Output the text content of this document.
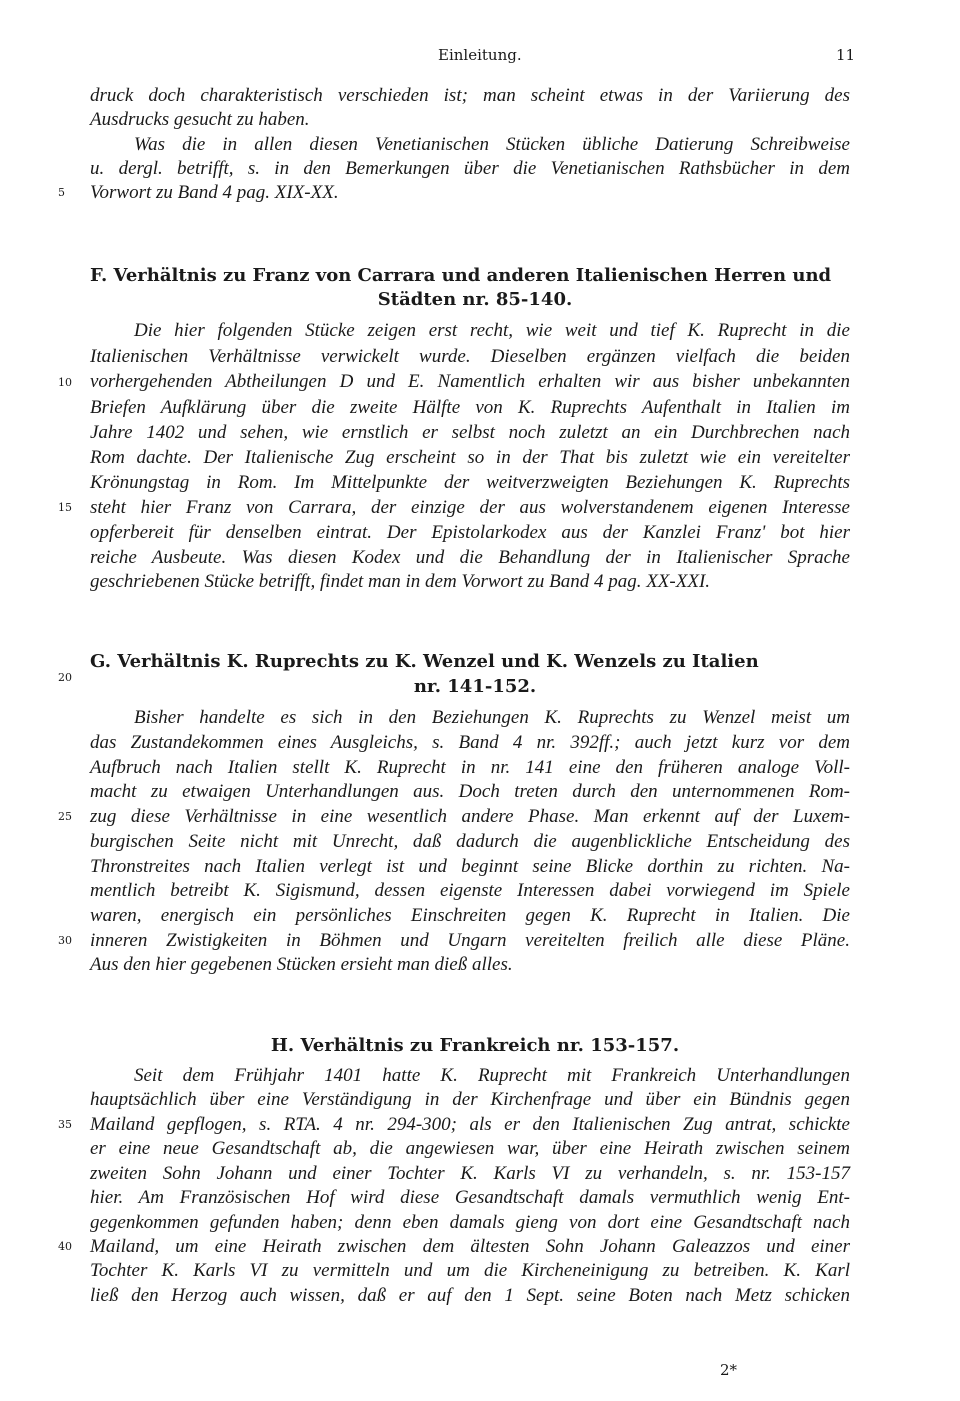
Einleitung.	11
druck doch charakteristisch verschieden ist; man scheint etwas in der Variierung des
Ausdrucks gesucht zu haben.
Was die in allen diesen Venetianischen Stücken übliche Datierung Schreibweise
u. dergl. betrifft, s. in den Bemerkungen über die Venetianischen Rathsbücher in dem
Vorwort zu Band 4 pag. XIX-XX.
F. Verhältnis zu Franz von Carrara und anderen Italienischen Herren und
Städten nr. 85-140.
Die hier folgenden Stücke zeigen erst recht, wie weit und tief K. Ruprecht in die
Italienischen Verhältnisse verwickelt wurde. Dieselben ergänzen vielfach die beiden
vorhergehenden Abtheilungen D und E. Namentlich erhalten wir aus bisher unbekannten
Briefen Aufklärung über die zweite Hälfte von K. Ruprechts Aufenthalt in Italien im
Jahre 1402 und sehen, wie ernstlich er selbst noch zuletzt an ein Durchbrechen nach
Rom dachte. Der Italienische Zug erscheint so in der That bis zuletzt wie ein vereitelter
Krönungstag in Rom. Im Mittelpunkte der weitverzweigten Beziehungen K. Ruprechts
steht hier Franz von Carrara, der einzige der aus wolverstandenem eigenen Interesse
opferbereit für denselben eintrat. Der Epistolarkodex aus der Kanzlei Franz' bot hier
reiche Ausbeute. Was diesen Kodex und die Behandlung der in Italienischer Sprache
geschriebenen Stücke betrifft, findet man in dem Vorwort zu Band 4 pag. XX-XXI.
G. Verhältnis K. Ruprechts zu K. Wenzel und K. Wenzels zu Italien
nr. 141-152.
Bisher handelte es sich in den Beziehungen K. Ruprechts zu Wenzel meist um
das Zustandekommen eines Ausgleichs, s. Band 4 nr. 392ff.; auch jetzt kurz vor dem
Aufbruch nach Italien stellt K. Ruprecht in nr. 141 eine den früheren analoge Voll-
macht zu etwaigen Unterhandlungen aus. Doch treten durch den unternommenen Rom-
zug diese Verhältnisse in eine wesentlich andere Phase. Man erkennt auf der Luxem-
burgischen Seite nicht mit Unrecht, daß dadurch die augenblickliche Entscheidung des
Thronstreites nach Italien verlegt ist und beginnt seine Blicke dorthin zu richten. Na-
mentlich betreibt K. Sigismund, dessen eigenste Interessen dabei vorwiegend im Spiele
waren, energisch ein persönliches Einschreiten gegen K. Ruprecht in Italien. Die
inneren Zwistigkeiten in Böhmen und Ungarn vereitelten freilich alle diese Pläne.
Aus den hier gegebenen Stücken ersieht man dieß alles.
H. Verhältnis zu Frankreich nr. 153-157.
Seit dem Frühjahr 1401 hatte K. Ruprecht mit Frankreich Unterhandlungen
hauptsächlich über eine Verständigung in der Kirchenfrage und über ein Bündnis gegen
Mailand gepflogen, s. RTA. 4 nr. 294-300; als er den Italienischen Zug antrat, schickte
er eine neue Gesandtschaft ab, die angewiesen war, über eine Heirath zwischen seinem
zweiten Sohn Johann und einer Tochter K. Karls VI zu verhandeln, s. nr. 153-157
hier. Am Französischen Hof wird diese Gesandtschaft damals vermuthlich wenig Ent-
gegenkommen gefunden haben; denn eben damals gieng von dort eine Gesandtschaft nach
Mailand, um eine Heirath zwischen dem ältesten Sohn Johann Galeazzos und einer
Tochter K. Karls VI zu vermitteln und um die Kircheneinigung zu betreiben. K. Karl
ließ den Herzog auch wissen, daß er auf den 1 Sept. seine Boten nach Metz schicken
5
10
15
20
25
30
35
40
2*
